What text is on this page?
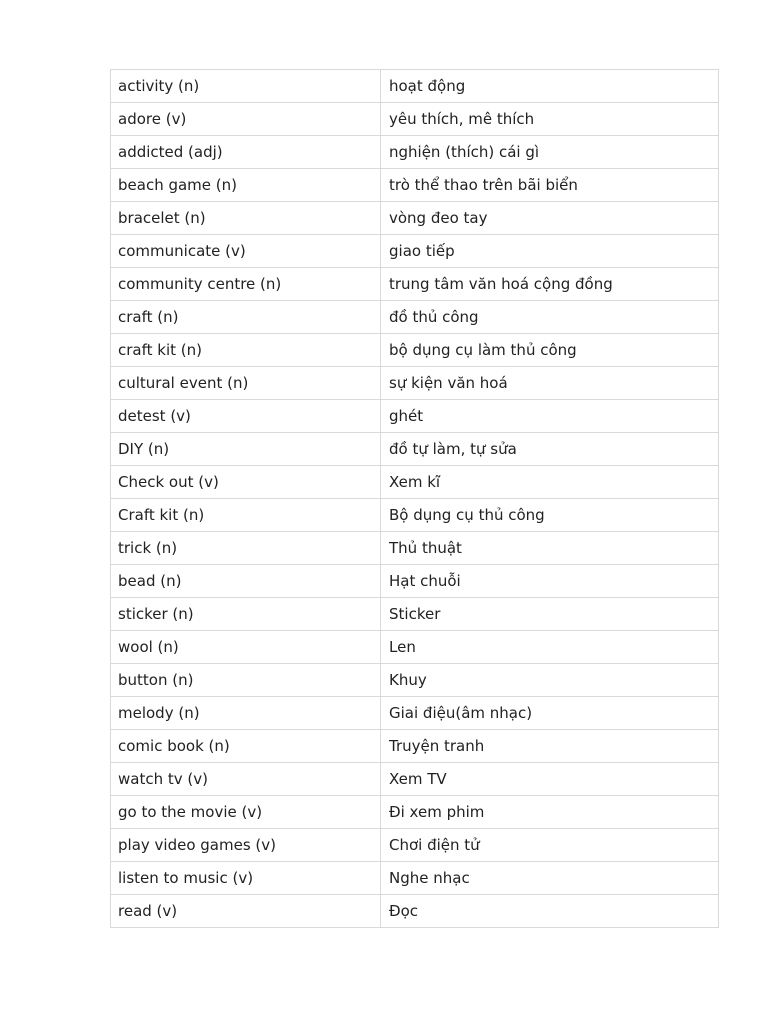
activity (n)	hoạt động
adore (v)	yêu thích, mê thích
addicted (adj)	nghiện (thích) cái gì
beach game (n)	trò thể thao trên bãi biển
bracelet (n)	vòng đeo tay
communicate (v)	giao tiếp
community centre (n)	trung tâm văn hoá cộng đồng
craft (n)	đồ thủ công
craft kit (n)	bộ dụng cụ làm thủ công
cultural event (n)	sự kiện văn hoá
detest (v)	ghét
DIY (n)	đồ tự làm, tự sửa
Check out (v)	Xem kĩ
Craft kit (n)	Bộ dụng cụ thủ công
trick (n)	Thủ thuật
bead (n)	Hạt chuỗi
sticker (n)	Sticker
wool (n)	Len
button (n)	Khuy
melody (n)	Giai điệu(âm nhạc)
comic book (n)	Truyện tranh
watch tv (v)	Xem TV
go to the movie (v)	Đi xem phim
play video games (v)	Chơi điện tử
listen to music (v)	Nghe nhạc
read (v)	Đọc
